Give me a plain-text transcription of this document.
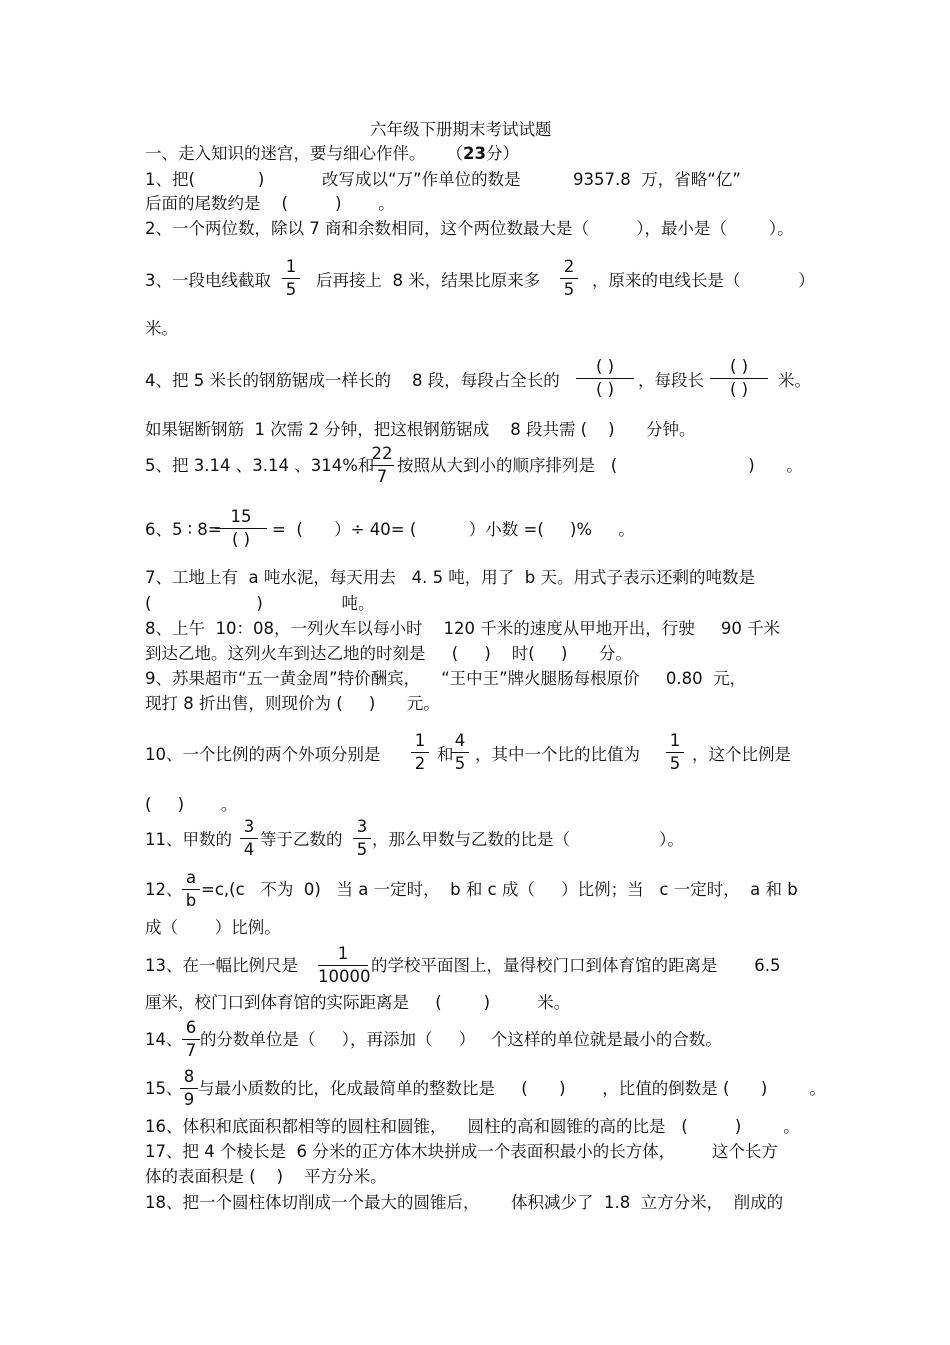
六年级下册期末考试试题
一、走入知识的迷宫，要与细心作伴。 （23分）
1、把(            )           改写成以“万”作单位的数是          9357.8  万，省略“亿”
后面的尾数约是    (         )       。
2、一个两位数，除以 7 商和余数相同，这个两位数最大是（         ），最小是（        ）。
3、一段电线截取
1
5 后再接上  8 米，结果比原来多
2
5 ，原来的电线长是（           ）
米。
4、把 5 米长的钢筋锯成一样长的    8 段，每段占全长的
( )
( )	，每段长
( )
( )	米。
如果锯断钢筋  1 次需 2 分钟，把这根钢筋锯成    8 段共需 (    )      分钟。
5、把 3.14 、3.14 、314%和
22
7
按照从大到小的顺序排列是   (                         )      。
6、5 ∶ 8=
15
( )
=  (      ）÷ 40= (          ）小数 =(     )%     。
7、工地上有  a 吨水泥，每天用去   4. 5 吨，用了  b 天。用式子表示还剩的吨数是
(                    )               吨。
8、上午  10：08，一列火车以每小时    120 千米的速度从甲地开出，行驶     90 千米
到达乙地。这列火车到达乙地的时刻是     (     )    时(     )      分。
9、苏果超市“五一黄金周”特价酬宾，    “王中王”牌火腿肠每根原价     0.80  元，
现打 8 折出售，则现价为 (     )      元。
10、一个比例的两个外项分别是
1
2 和
4
5 ，其中一个比的比值为
1
5 ，这个比例是
(     )       。
11、甲数的
3
4
等于乙数的
3
5
，那么甲数与乙数的比是（                 ）。
12、
a
b
=c,(c   不为  0)   当 a 一定时，  b 和 c 成（     ）比例；当   c 一定时，  a 和 b
成（       ）比例。
13、在一幅比例尺是
1
10000
的学校平面图上，量得校门口到体育馆的距离是       6.5
厘米，校门口到体育馆的实际距离是     (        )         米。
14、
6
7
的分数单位是（     ），再添加（     ）   个这样的单位就是最小的合数。
15、
8
9
与最小质数的比，化成最简单的整数比是     (      )       ，比值的倒数是 (      )        。
16、体积和底面积都相等的圆柱和圆锥，    圆柱的高和圆锥的高的比是   (         )        。
17、把 4 个棱长是  6 分米的正方体木块拼成一个表面积最小的长方体，       这个长方
体的表面积是 (    )    平方分米。
18、把一个圆柱体切削成一个最大的圆锥后，      体积减少了  1.8  立方分米，  削成的
